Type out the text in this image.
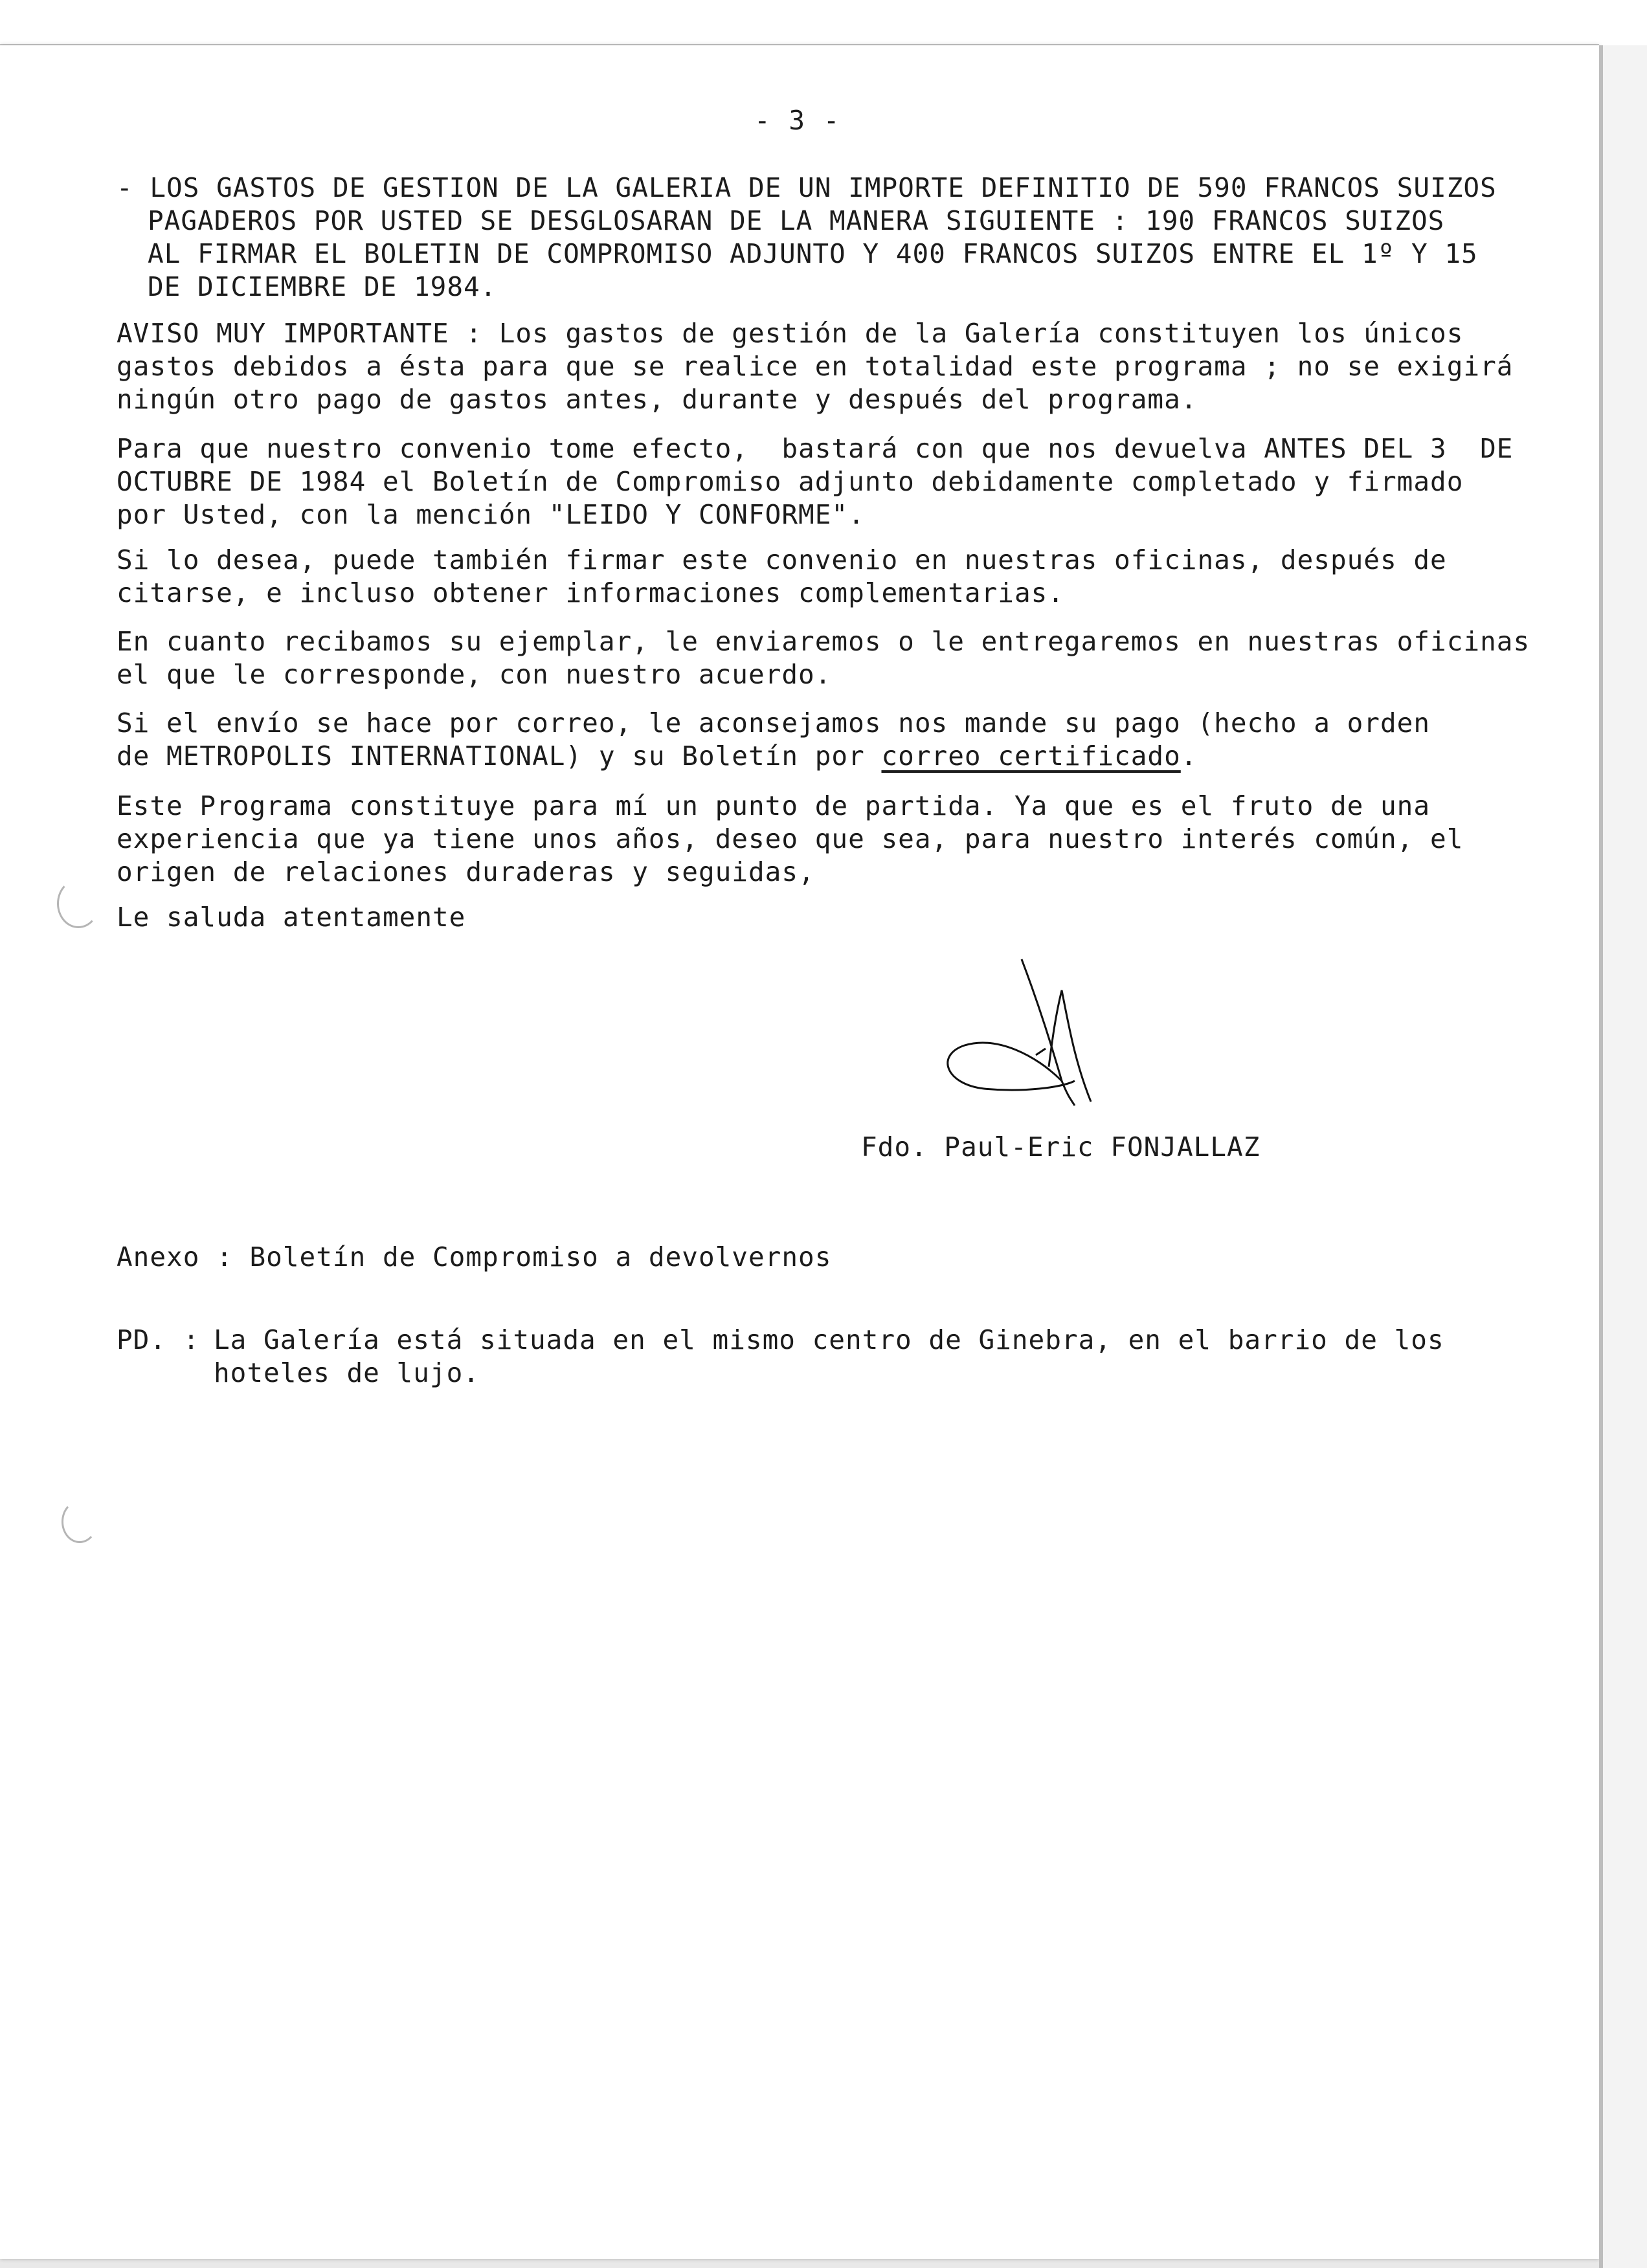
- 3 -
- LOS GASTOS DE GESTION DE LA GALERIA DE UN IMPORTE DEFINITIO DE 590 FRANCOS SUIZOS
PAGADEROS POR USTED SE DESGLOSARAN DE LA MANERA SIGUIENTE : 190 FRANCOS SUIZOS
AL FIRMAR EL BOLETIN DE COMPROMISO ADJUNTO Y 400 FRANCOS SUIZOS ENTRE EL 1º Y 15
DE DICIEMBRE DE 1984.
AVISO MUY IMPORTANTE : Los gastos de gestión de la Galería constituyen los únicos
gastos debidos a ésta para que se realice en totalidad este programa ; no se exigirá
ningún otro pago de gastos antes, durante y después del programa.
Para que nuestro convenio tome efecto,  bastará con que nos devuelva ANTES DEL 3  DE
OCTUBRE DE 1984 el Boletín de Compromiso adjunto debidamente completado y firmado
por Usted, con la mención "LEIDO Y CONFORME".
Si lo desea, puede también firmar este convenio en nuestras oficinas, después de
citarse, e incluso obtener informaciones complementarias.
En cuanto recibamos su ejemplar, le enviaremos o le entregaremos en nuestras oficinas
el que le corresponde, con nuestro acuerdo.
Si el envío se hace por correo, le aconsejamos nos mande su pago (hecho a orden
de METROPOLIS INTERNATIONAL) y su Boletín por correo certificado.
Este Programa constituye para mí un punto de partida. Ya que es el fruto de una
experiencia que ya tiene unos años, deseo que sea, para nuestro interés común, el
origen de relaciones duraderas y seguidas,
Le saluda atentamente
Fdo. Paul-Eric FONJALLAZ
Anexo : Boletín de Compromiso a devolvernos
PD. : La Galería está situada en el mismo centro de Ginebra, en el barrio de los
hoteles de lujo.
